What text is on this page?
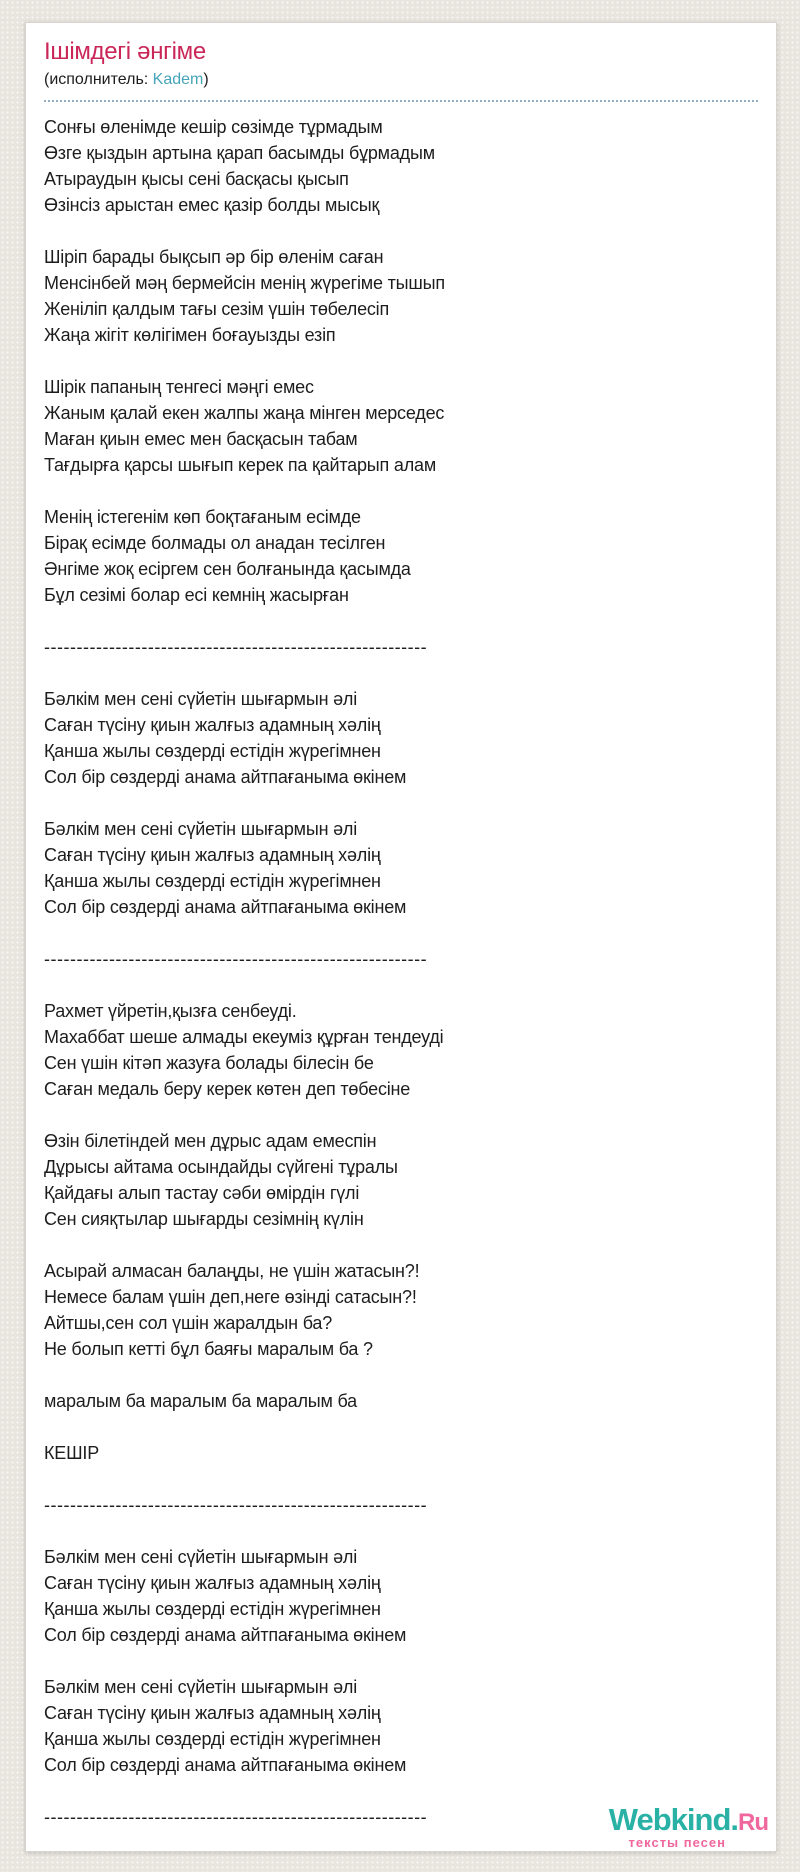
Ішімдегі әнгіме
(исполнитель: Kadem)
Сонғы өленімде кешір сөзімде тұрмадым
Өзге қыздын артына қарап басымды бұрмадым
Атыраудын қысы сені басқасы қысып
Өзінсіз арыстан емес қазір болды мысық

Шіріп барады бықсып әр бір өленім саған
Менсінбей мәң бермейсін менің жүрегіме тышып
Женіліп қалдым тағы сезім үшін төбелесіп
Жаңа жігіт көлігімен боғауызды езіп

Шірік папаның тенгесі мәңгі емес
Жаным қалай екен жалпы жаңа мінген мерседес
Маған қиын емес мен басқасын табам
Тағдырға қарсы шығып керек па қайтарып алам

Менің істегенім көп боқтағаным есімде
Бірақ есімде болмады ол анадан тесілген
Әнгіме жоқ есіргем сен болғанында қасымда
Бұл сезімі болар есі кемнің жасырған

-----------------------------------------------------------

Бәлкім мен сені сүйетін шығармын әлі
Саған түсіну қиын жалғыз адамның хәлің
Қанша жылы сөздерді естідін жүрегімнен
Сол бір сөздерді анама айтпағаныма өкінем

Бәлкім мен сені сүйетін шығармын әлі
Саған түсіну қиын жалғыз адамның хәлің
Қанша жылы сөздерді естідін жүрегімнен
Сол бір сөздерді анама айтпағаныма өкінем

-----------------------------------------------------------

Рахмет үйретін,қызға сенбеуді.
Махаббат шеше алмады екеуміз құрған тендеуді
Сен үшін кітәп жазуға болады білесін бе
Саған медаль беру керек көтен деп төбесіне

Өзін білетіндей мен дұрыс адам емеспін
Дұрысы айтама осындайды сүйгені тұралы
Қайдағы алып тастау сәби өмірдін гүлі
Сен сияқтылар шығарды сезімнің күлін

Асырай алмасан балаңды, не үшін жатасын?!
Немесе балам үшін деп,неге өзінді сатасын?!
Айтшы,сен сол үшін жаралдын ба?
Не болып кетті бұл баяғы маралым ба ?

маралым ба маралым ба маралым ба

КЕШІР

-----------------------------------------------------------

Бәлкім мен сені сүйетін шығармын әлі
Саған түсіну қиын жалғыз адамның хәлің
Қанша жылы сөздерді естідін жүрегімнен
Сол бір сөздерді анама айтпағаныма өкінем

Бәлкім мен сені сүйетін шығармын әлі
Саған түсіну қиын жалғыз адамның хәлің
Қанша жылы сөздерді естідін жүрегімнен
Сол бір сөздерді анама айтпағаныма өкінем

-----------------------------------------------------------	Webkind.Ru
тексты песен
